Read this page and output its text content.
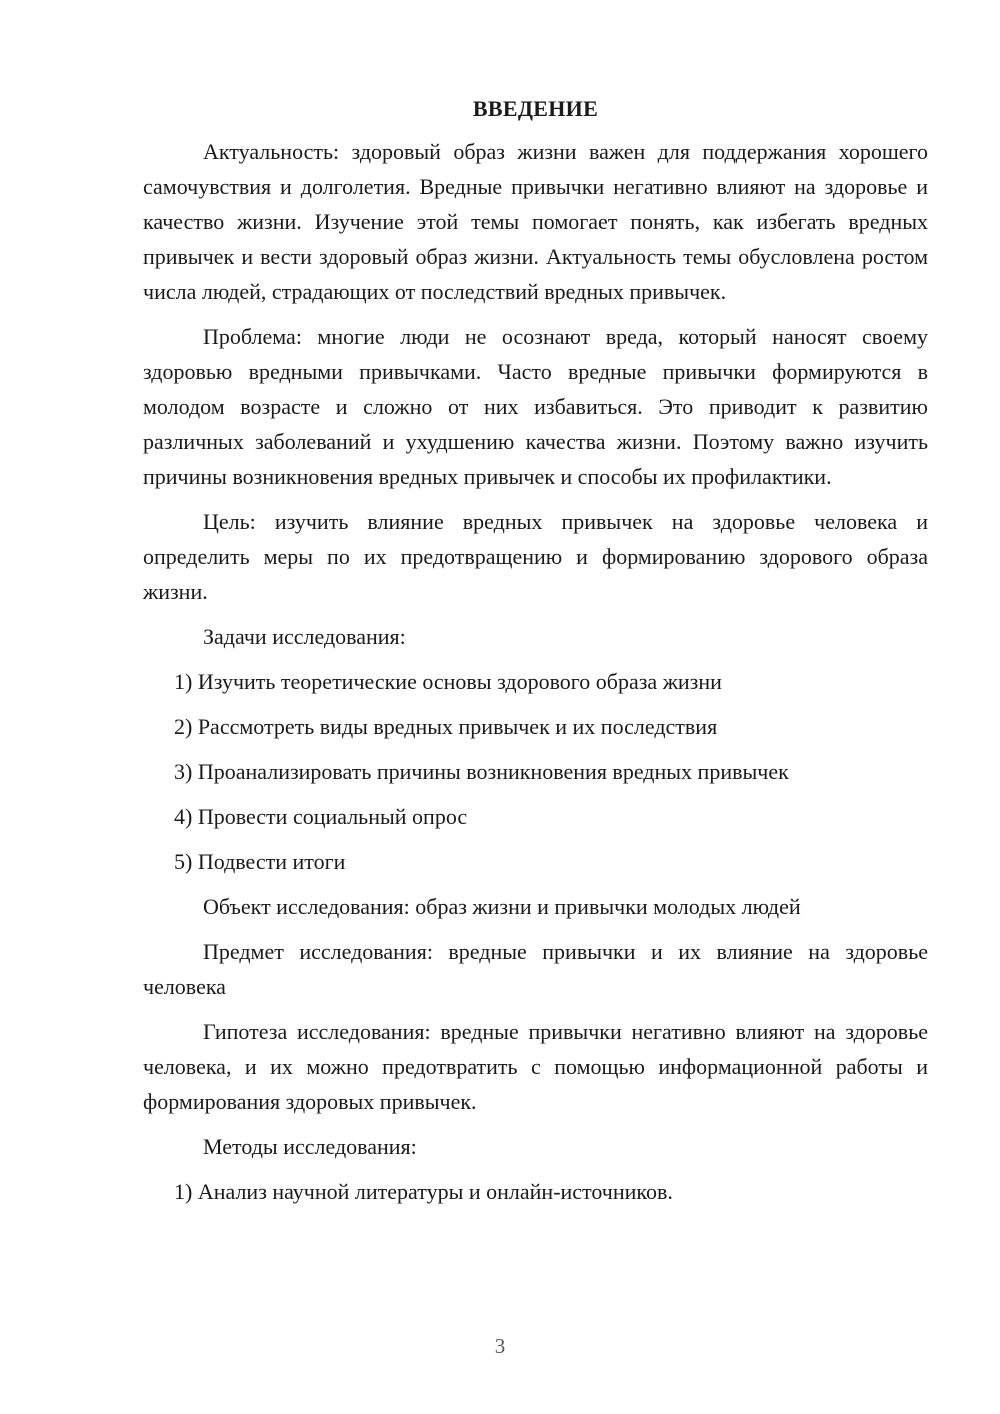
ВВЕДЕНИЕ

Актуальность: здоровый образ жизни важен для поддержания хорошего самочувствия и долголетия. Вредные привычки негативно влияют на здоровье и качество жизни. Изучение этой темы помогает понять, как избегать вредных привычек и вести здоровый образ жизни. Актуальность темы обусловлена ростом числа людей, страдающих от последствий вредных привычек.

Проблема: многие люди не осознают вреда, который наносят своему здоровью вредными привычками. Часто вредные привычки формируются в молодом возрасте и сложно от них избавиться. Это приводит к развитию различных заболеваний и ухудшению качества жизни. Поэтому важно изучить причины возникновения вредных привычек и способы их профилактики.

Цель: изучить влияние вредных привычек на здоровье человека и определить меры по их предотвращению и формированию здорового образа жизни.

Задачи исследования:

1) Изучить теоретические основы здорового образа жизни

2) Рассмотреть виды вредных привычек и их последствия

3) Проанализировать причины возникновения вредных привычек

4) Провести социальный опрос

5) Подвести итоги

Объект исследования: образ жизни и привычки молодых людей

Предмет исследования: вредные привычки и их влияние на здоровье человека

Гипотеза исследования: вредные привычки негативно влияют на здоровье человека, и их можно предотвратить с помощью информационной работы и формирования здоровых привычек.

Методы исследования:

1) Анализ научной литературы и онлайн-источников.

3
